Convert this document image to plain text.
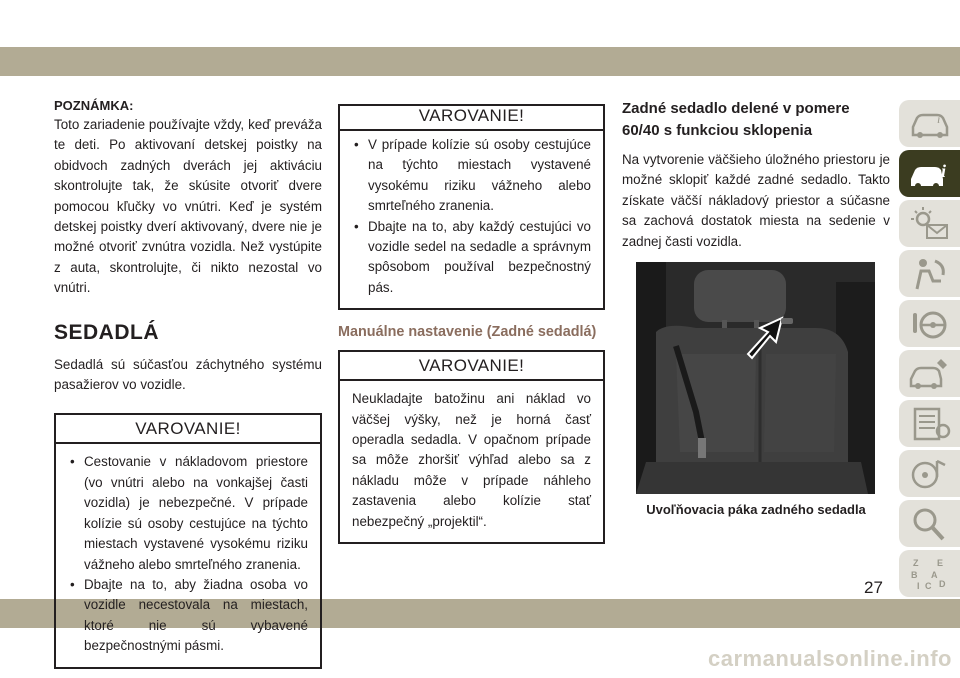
POZNÁMKA:

Toto zariadenie používajte vždy, keď preváža te deti. Po aktivovaní detskej poistky na obidvoch zadných dverách jej aktiváciu skontrolujte tak, že skúsite otvoriť dvere pomocou kľučky vo vnútri. Keď je systém detskej poistky dverí aktivovaný, dvere nie je možné otvoriť zvnútra vozidla. Než vystúpite z auta, skontrolujte, či nikto nezostal vo vnútri.

SEDADLÁ

Sedadlá sú súčasťou záchytného systému pasažierov vo vozidle.

VAROVANIE!
• Cestovanie v nákladovom priestore (vo vnútri alebo na vonkajšej časti vozidla) je nebezpečné. V prípade kolízie sú osoby cestujúce na týchto miestach vystavené vysokému riziku vážneho alebo smrteľného zranenia.
• Dbajte na to, aby žiadna osoba vo vozidle necestovala na miestach, ktoré nie sú vybavené bezpečnostnými pásmi.
VAROVANIE!
• V prípade kolízie sú osoby cestujúce na týchto miestach vystavené vysokému riziku vážneho alebo smrteľného zranenia.
• Dbajte na to, aby každý cestujúci vo vozidle sedel na sedadle a správnym spôsobom používal bezpečnostný pás.
Manuálne nastavenie (Zadné sedadlá)
VAROVANIE!

Neukladajte batožinu ani náklad vo väčšej výšky, než je horná časť operadla sedadla. V opačnom prípade sa môže zhoršiť výhľad alebo sa z nákladu môže v prípade náhleho zastavenia alebo kolízie stať nebezpečný „projektil“.

Zadné sedadlo delené v pomere 60/40 s funkciou sklopenia

Na vytvorenie väčšieho úložného priestoru je možné sklopiť každé zadné sedadlo. Takto získate väčší nákladový priestor a súčasne sa zachová dostatok miesta na sedenie v zadnej časti vozidla.

Uvoľňovacia páka zadného sedadla
i
i
Z E
B A
I C D
27
carmanualsonline.info
